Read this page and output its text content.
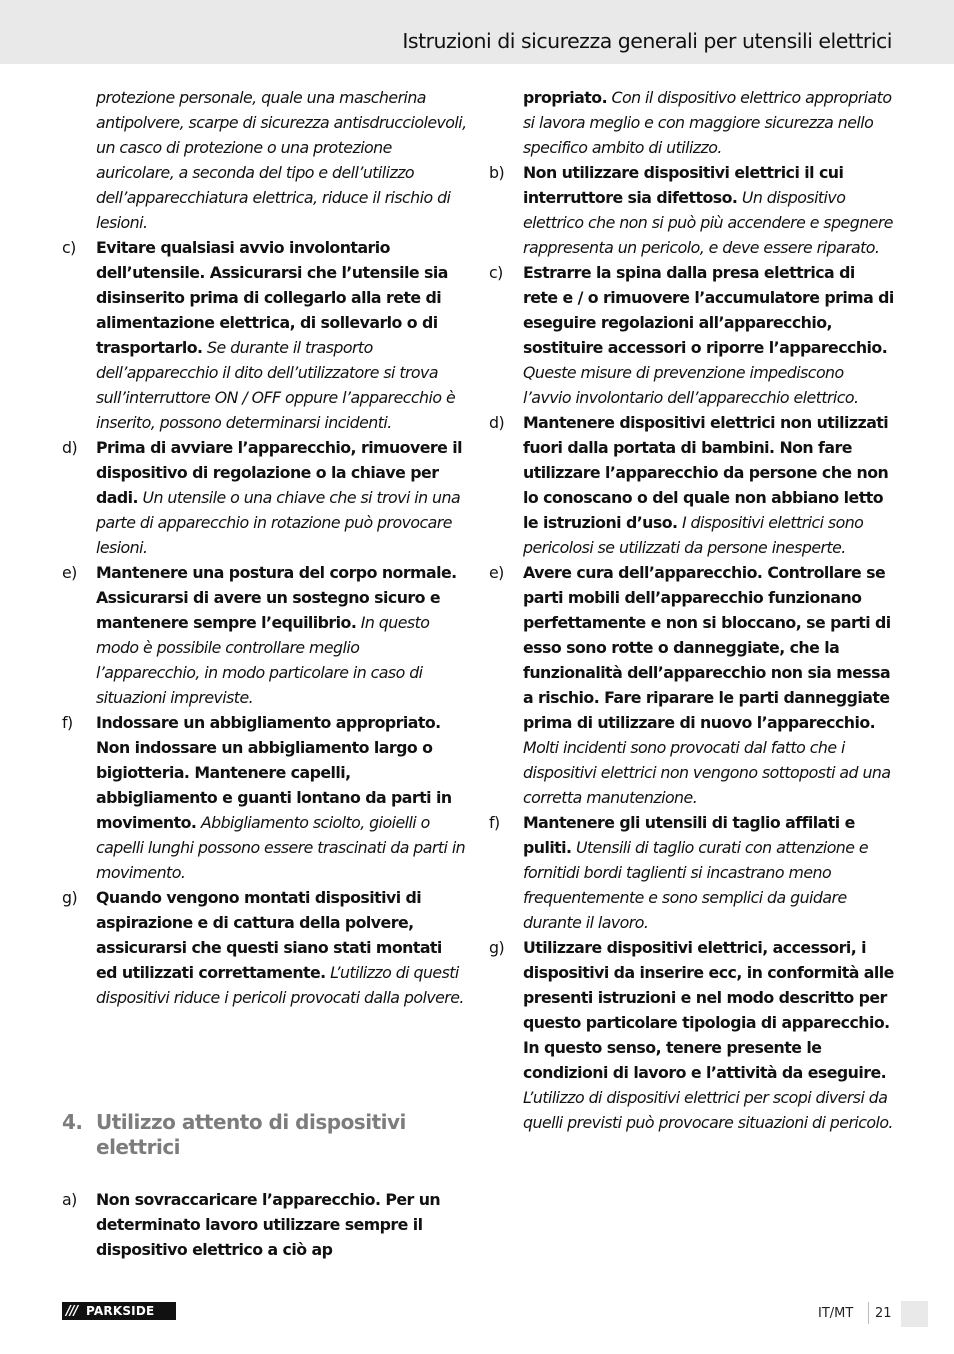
Istruzioni di sicurezza generali per utensili elettrici
protezione personale, quale una mascherina antipolvere, scarpe di sicurezza antisdrucciolevoli, un casco di protezione o una protezione auricolare, a seconda del tipo e dell’utilizzo dell’apparecchiatura elettrica, riduce il rischio di lesioni.
c) Evitare qualsiasi avvio involontario dell’utensile. Assicurarsi che l’utensile sia disinserito prima di collegarlo alla rete di alimentazione elettrica, di sollevarlo o di trasportarlo. Se durante il trasporto dell’apparecchio il dito dell’utilizzatore si trova sull’interruttore ON / OFF oppure l’apparecchio è inserito, possono determinarsi incidenti.
d) Prima di avviare l’apparecchio, rimuovere il dispositivo di regolazione o la chiave per dadi. Un utensile o una chiave che si trovi in una parte di apparecchio in rotazione può provocare lesioni.
e) Mantenere una postura del corpo normale. Assicurarsi di avere un sostegno sicuro e mantenere sempre l’equilibrio. In questo modo è possibile controllare meglio l’apparecchio, in modo particolare in caso di situazioni impreviste.
f) Indossare un abbigliamento appropriato. Non indossare un abbigliamento largo o bigiotteria. Mantenere capelli, abbigliamento e guanti lontano da parti in movimento. Abbigliamento sciolto, gioielli o capelli lunghi possono essere trascinati da parti in movimento.
g) Quando vengono montati dispositivi di aspirazione e di cattura della polvere, assicurarsi che questi siano stati montati ed utilizzati correttamente. L’utilizzo di questi dispositivi riduce i pericoli provocati dalla polvere.
4. Utilizzo attento di dispositivi elettrici
a) Non sovraccaricare l’apparecchio. Per un determinato lavoro utilizzare sempre il dispositivo elettrico a ciò ap
propriato. Con il dispositivo elettrico appropriato si lavora meglio e con maggiore sicurezza nello specifico ambito di utilizzo.
b) Non utilizzare dispositivi elettrici il cui interruttore sia difettoso. Un dispositivo elettrico che non si può più accendere e spegnere rappresenta un pericolo, e deve essere riparato.
c) Estrarre la spina dalla presa elettrica di rete e / o rimuovere l’accumulatore prima di eseguire regolazioni all’apparecchio, sostituire accessori o riporre l’apparecchio. Queste misure di prevenzione impediscono l’avvio involontario dell’apparecchio elettrico.
d) Mantenere dispositivi elettrici non utilizzati fuori dalla portata di bambini. Non fare utilizzare l’apparecchio da persone che non lo conoscano o del quale non abbiano letto le istruzioni d’uso. I dispositivi elettrici sono pericolosi se utilizzati da persone inesperte.
e) Avere cura dell’apparecchio. Controllare se parti mobili dell’apparecchio funzionano perfettamente e non si bloccano, se parti di esso sono rotte o danneggiate, che la funzionalità dell’apparecchio non sia messa a rischio. Fare riparare le parti danneggiate prima di utilizzare di nuovo l’apparecchio. Molti incidenti sono provocati dal fatto che i dispositivi elettrici non vengono sottoposti ad una corretta manutenzione.
f) Mantenere gli utensili di taglio affilati e puliti. Utensili di taglio curati con attenzione e fornitidi bordi taglienti si incastrano meno frequentemente e sono semplici da guidare durante il lavoro.
g) Utilizzare dispositivi elettrici, accessori, i dispositivi da inserire ecc, in conformità alle presenti istruzioni e nel modo descritto per questo particolare tipologia di apparecchio. In questo senso, tenere presente le condizioni di lavoro e l’attività da eseguire. L’utilizzo di dispositivi elettrici per scopi diversi da quelli previsti può provocare situazioni di pericolo.
/// PARKSIDE	IT/MT 21
